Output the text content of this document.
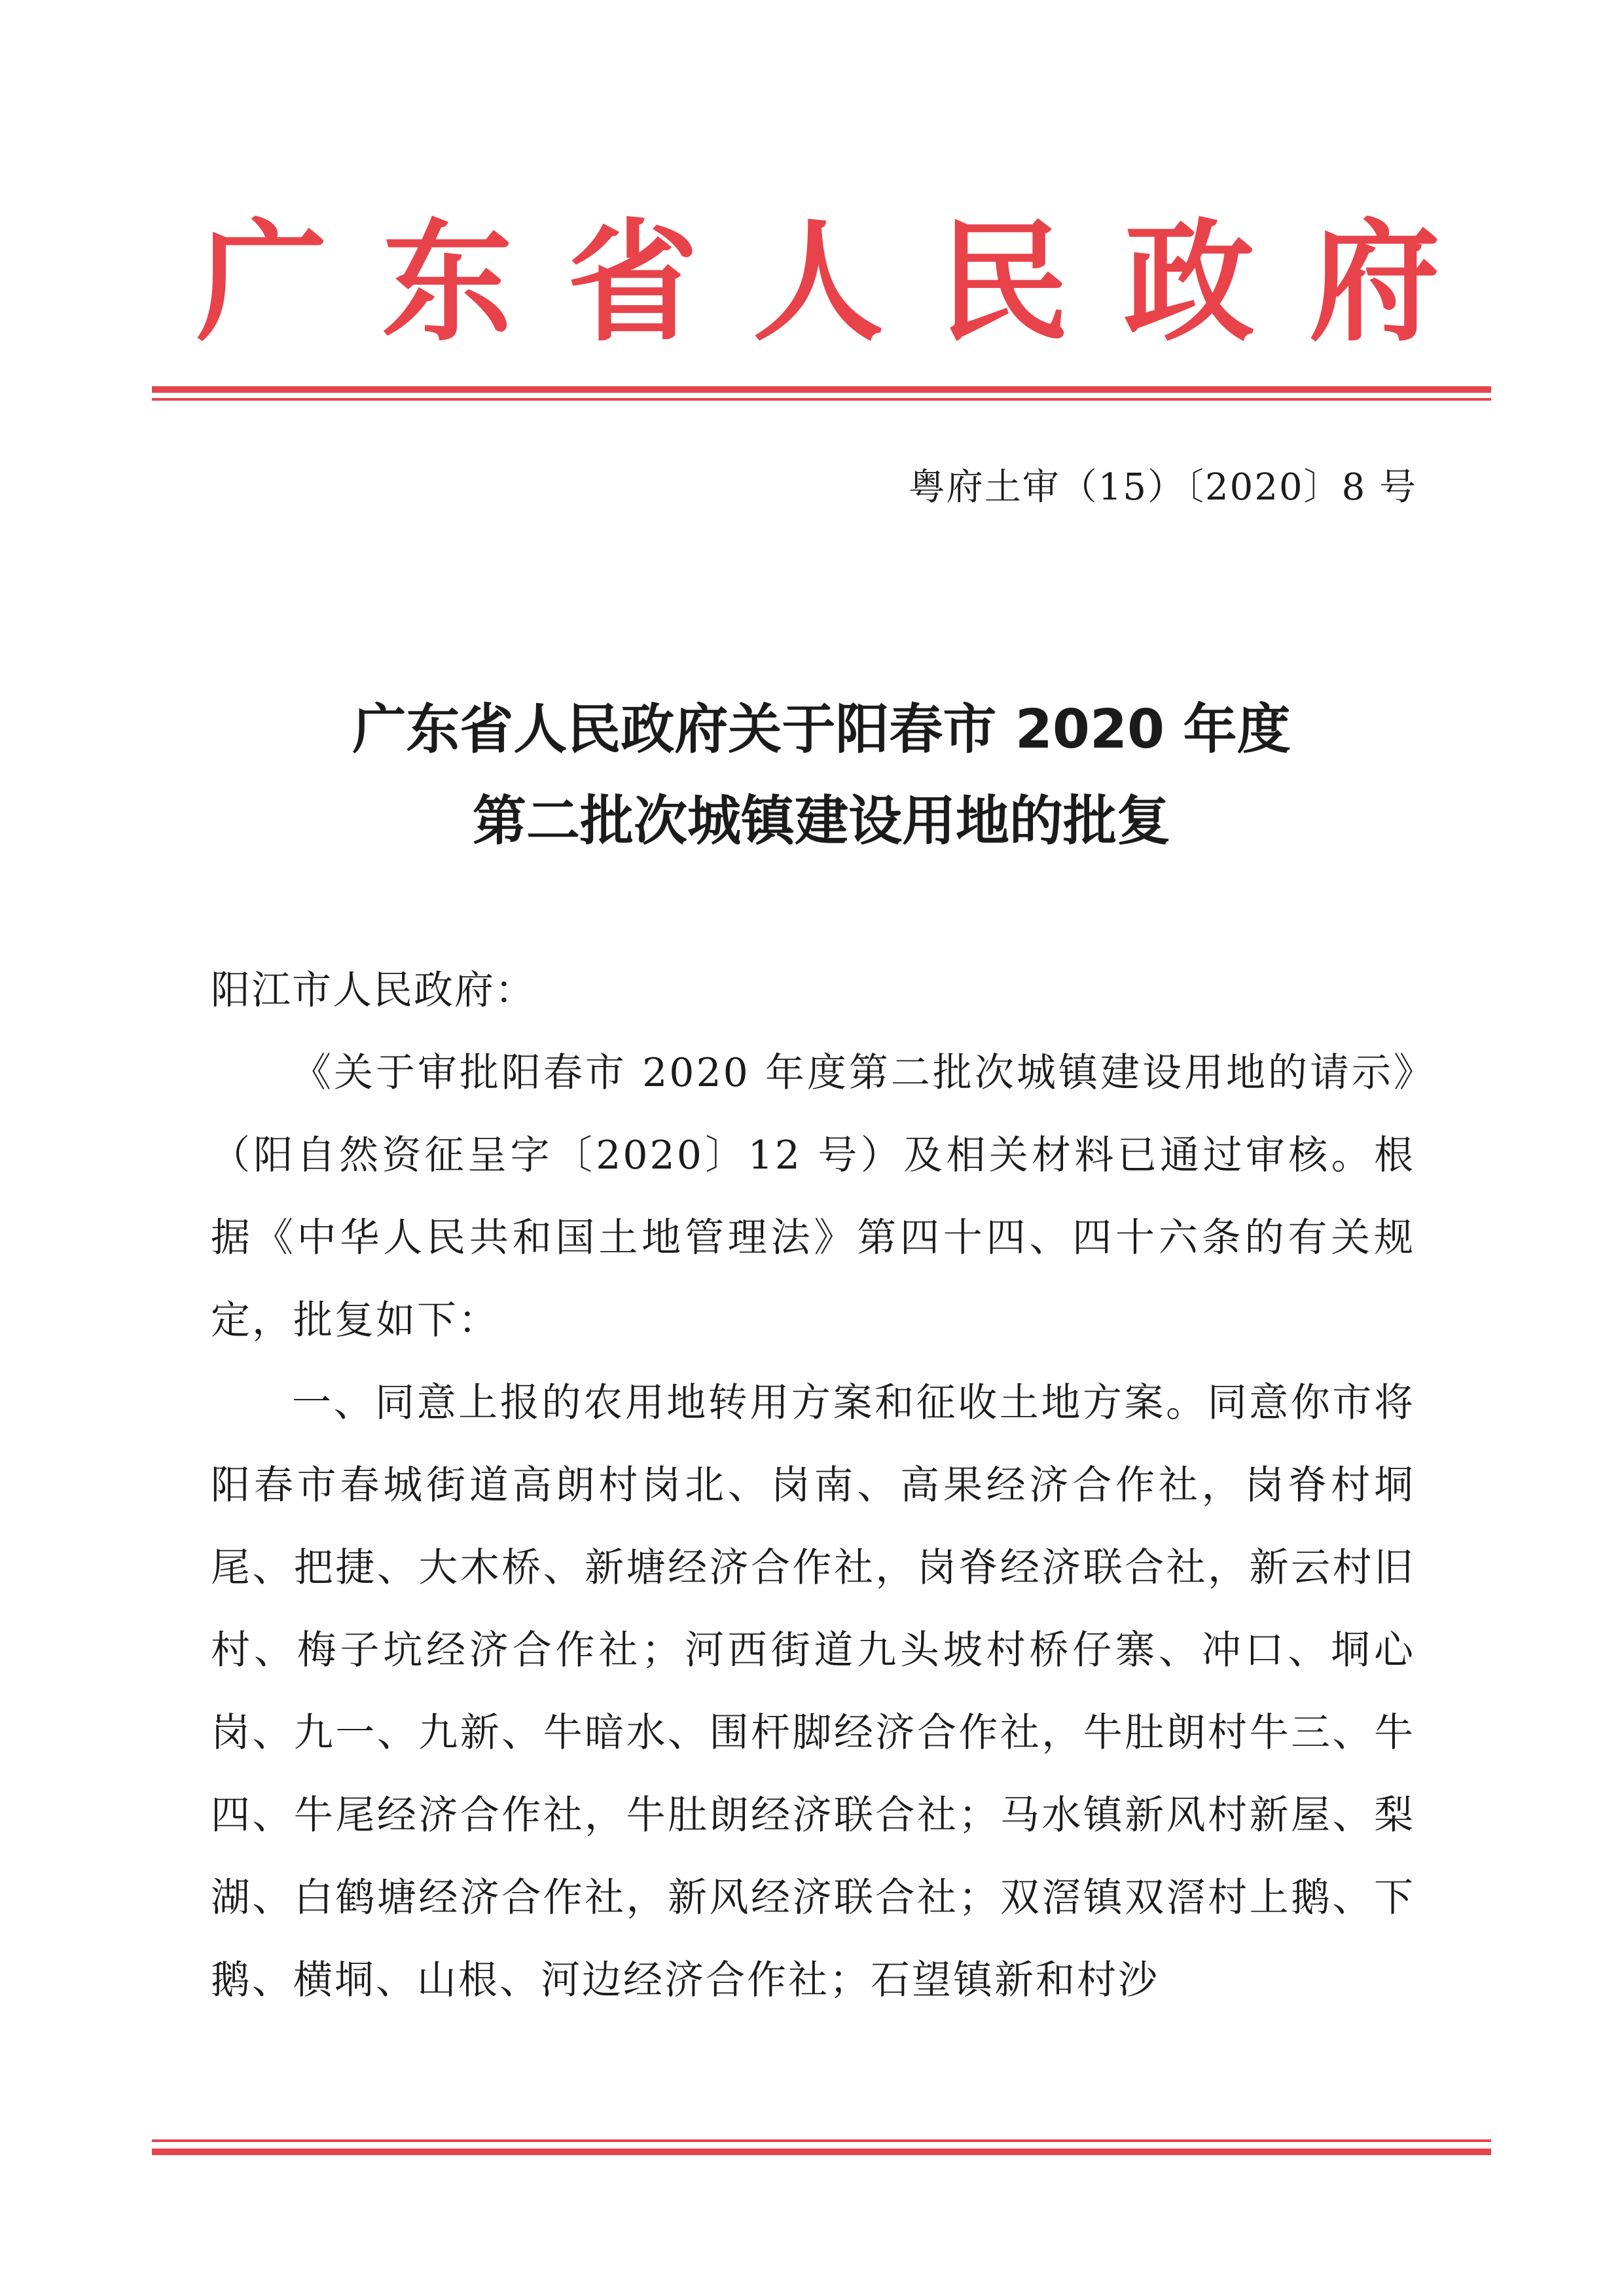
广 东 省 人 民 政 府
粤府土审（15）〔2020〕8 号
广东省人民政府关于阳春市 2020 年度
第二批次城镇建设用地的批复

阳江市人民政府：

《关于审批阳春市 2020 年度第二批次城镇建设用地的请示》（阳自然资征呈字〔2020〕12 号）及相关材料已通过审核。根据《中华人民共和国土地管理法》第四十四、四十六条的有关规定，批复如下：

一、同意上报的农用地转用方案和征收土地方案。同意你市将阳春市春城街道高朗村岗北、岗南、高果经济合作社，岗脊村垌尾、把捷、大木桥、新塘经济合作社，岗脊经济联合社，新云村旧村、梅子坑经济合作社；河西街道九头坡村桥仔寨、冲口、垌心岗、九一、九新、牛暗水、围杆脚经济合作社，牛肚朗村牛三、牛四、牛尾经济合作社，牛肚朗经济联合社；马水镇新风村新屋、梨湖、白鹤塘经济合作社，新风经济联合社；双滘镇双滘村上鹅、下鹅、横垌、山根、河边经济合作社；石望镇新和村沙
